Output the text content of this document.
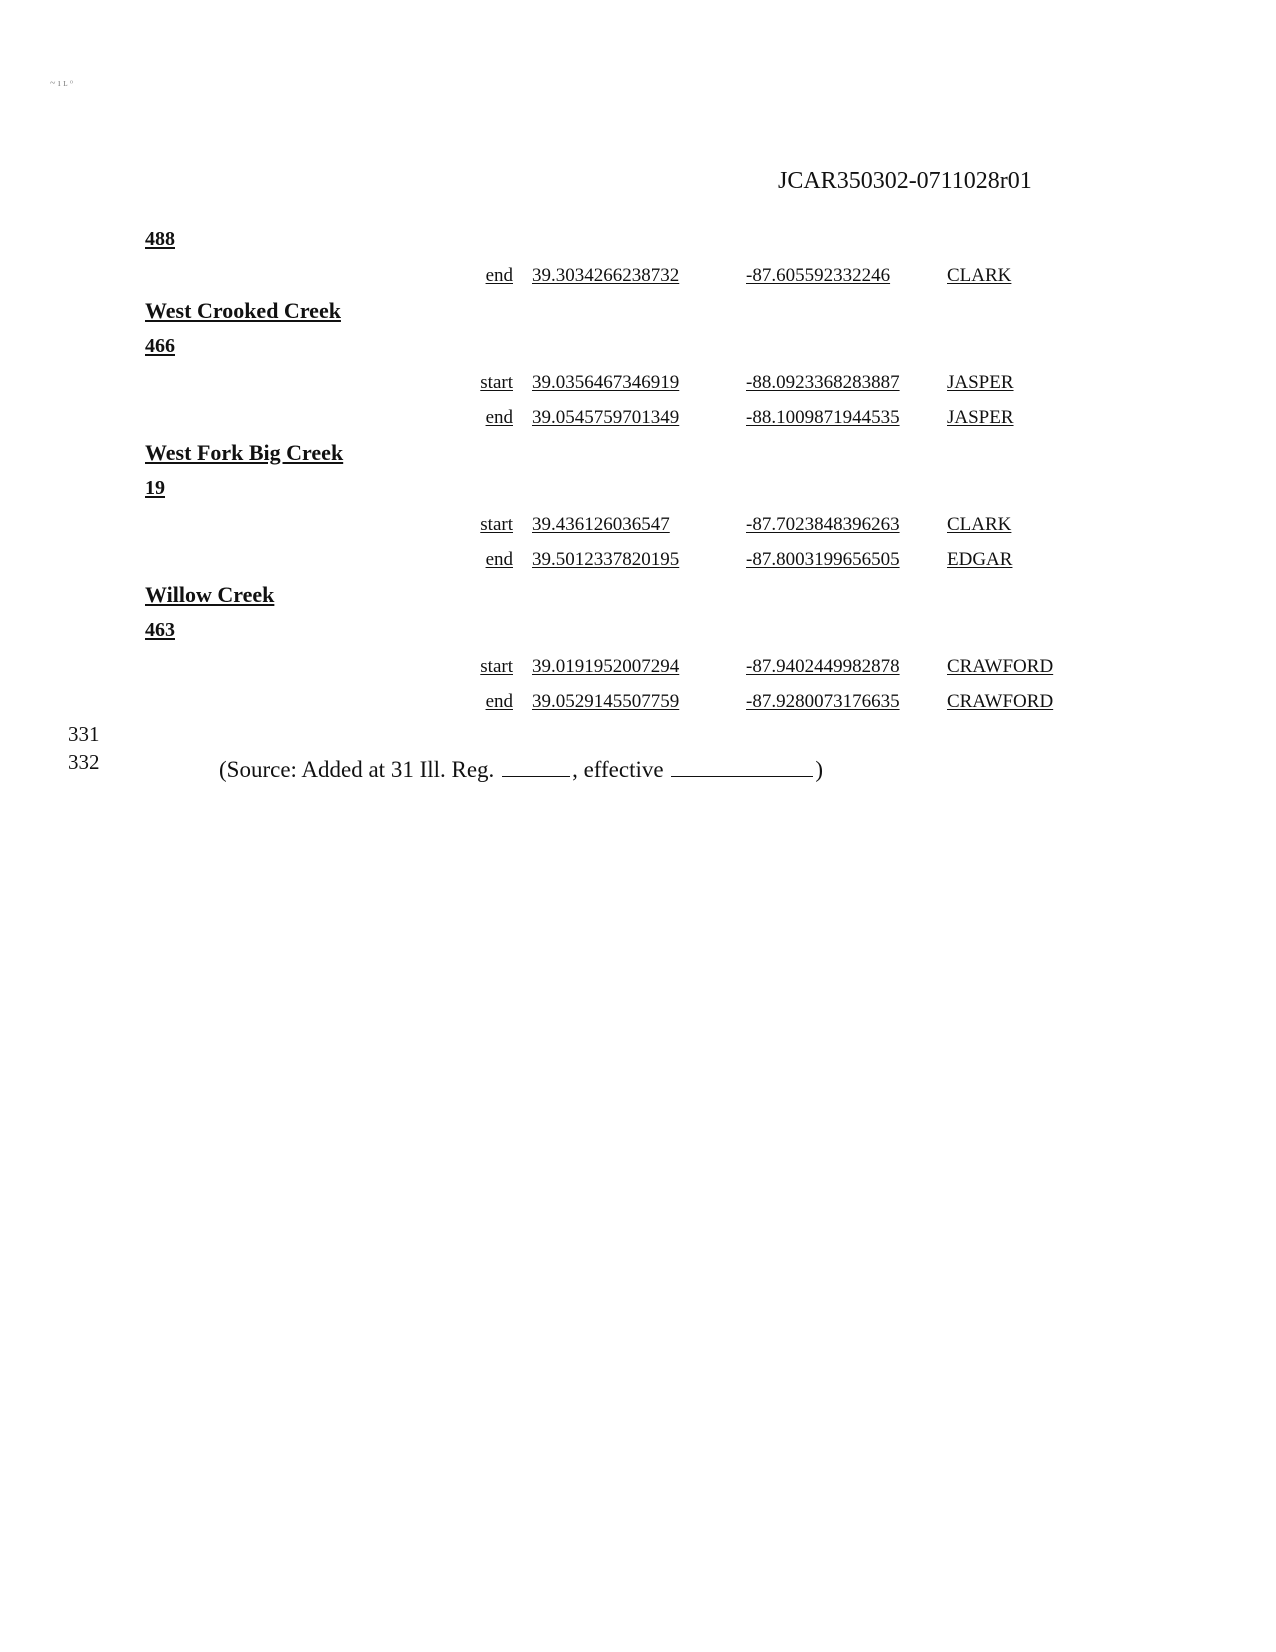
~ ı ʟ ᵒ
JCAR350302-0711028r01
488
end 39.3034266238732	-87.605592332246	CLARK
West Crooked Creek
466
start 39.0356467346919	-88.0923368283887 JASPER
end 39.0545759701349	-88.1009871944535 JASPER
West Fork Big Creek
19
start 39.436126036547	-87.7023848396263 CLARK
end 39.5012337820195	-87.8003199656505 EDGAR
Willow Creek
463
start 39.0191952007294	-87.9402449982878 CRAWFORD
end 39.0529145507759	-87.9280073176635 CRAWFORD
331
332	(Source: Added at 31 Ill. Reg.	, effective	)
